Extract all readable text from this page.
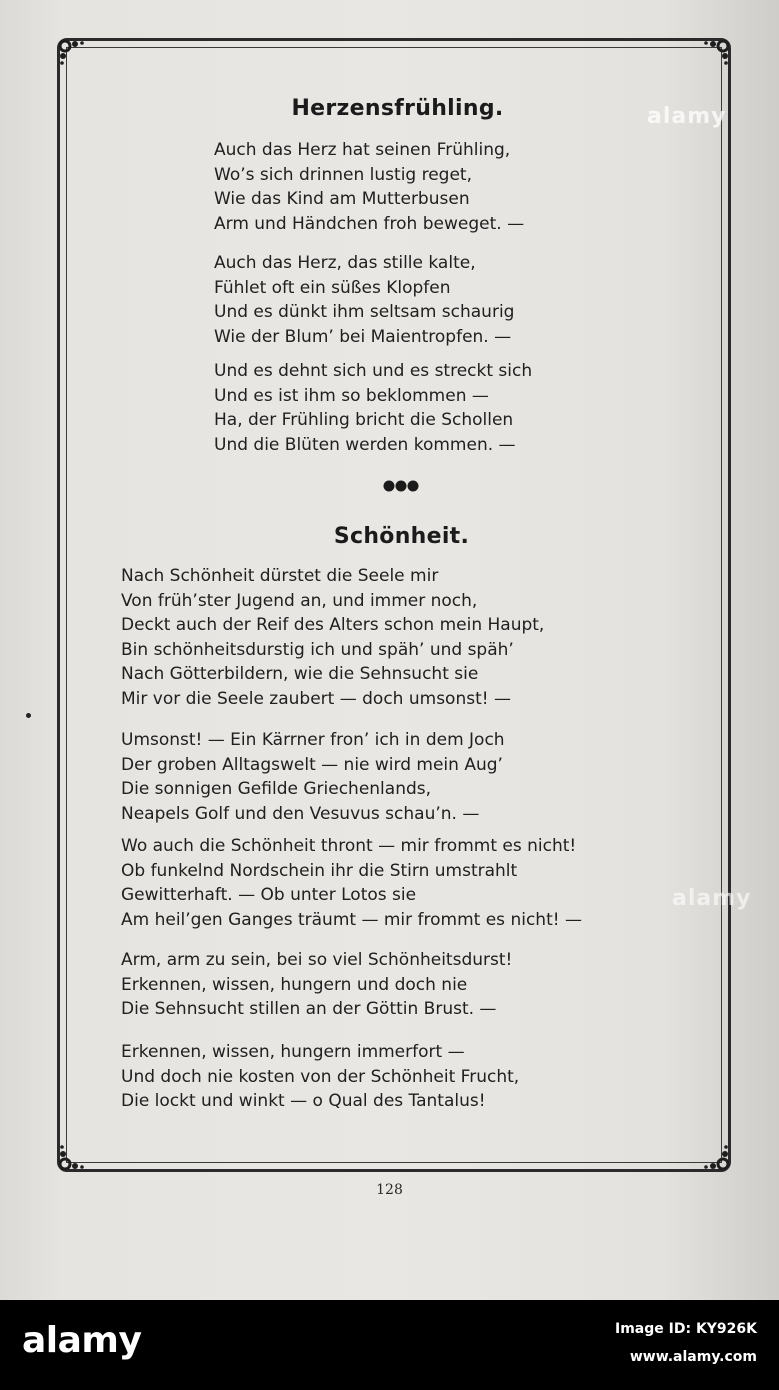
Herzensfrühling.
Auch das Herz hat seinen Frühling,
Wo’s sich drinnen lustig reget,
Wie das Kind am Mutterbusen
Arm und Händchen froh beweget. —
Auch das Herz, das stille kalte,
Fühlet oft ein süßes Klopfen
Und es dünkt ihm seltsam schaurig
Wie der Blum’ bei Maientropfen. —
Und es dehnt sich und es streckt sich
Und es ist ihm so beklommen —
Ha, der Frühling bricht die Schollen
Und die Blüten werden kommen. —
Schönheit.
Nach Schönheit dürstet die Seele mir
Von früh’ster Jugend an, und immer noch,
Deckt auch der Reif des Alters schon mein Haupt,
Bin schönheitsdurstig ich und späh’ und späh’
Nach Götterbildern, wie die Sehnsucht sie
Mir vor die Seele zaubert — doch umsonst! —
Umsonst! — Ein Kärrner fron’ ich in dem Joch
Der groben Alltagswelt — nie wird mein Aug’
Die sonnigen Gefilde Griechenlands,
Neapels Golf und den Vesuvus schau’n. —
Wo auch die Schönheit thront — mir frommt es nicht!
Ob funkelnd Nordschein ihr die Stirn umstrahlt
Gewitterhaft. — Ob unter Lotos sie
Am heil’gen Ganges träumt — mir frommt es nicht! —
Arm, arm zu sein, bei so viel Schönheitsdurst!
Erkennen, wissen, hungern und doch nie
Die Sehnsucht stillen an der Göttin Brust. —
Erkennen, wissen, hungern immerfort —
Und doch nie kosten von der Schönheit Frucht,
Die lockt und winkt — o Qual des Tantalus!
128
alamy
alamy
alamy	Image ID: KY926K
www.alamy.com
